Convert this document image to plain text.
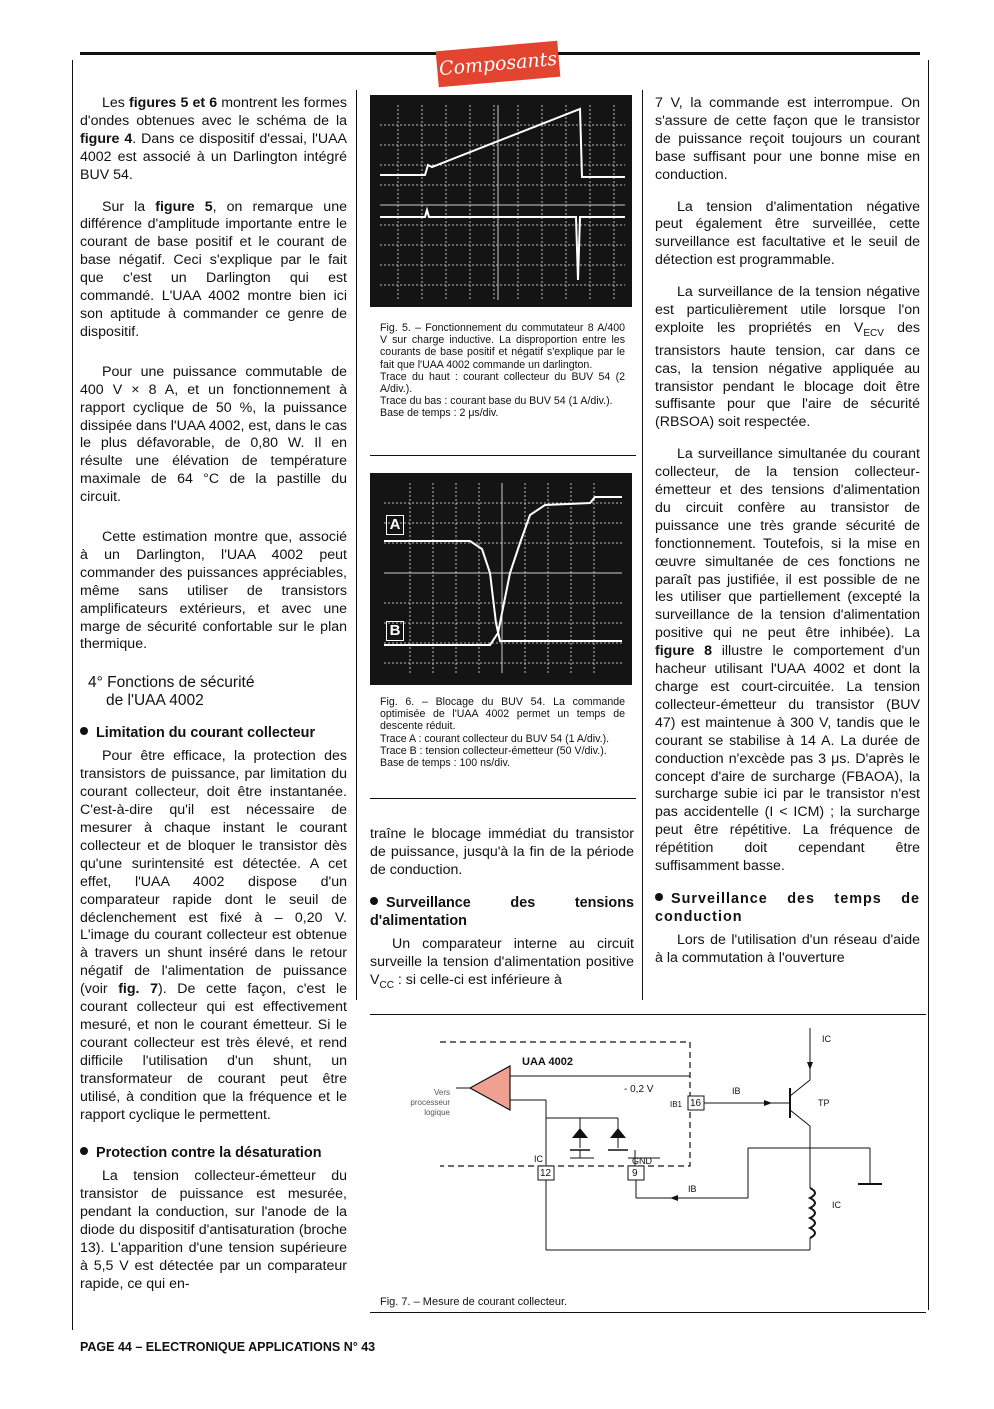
Composants

Les figures 5 et 6 montrent les formes d'ondes obtenues avec le schéma de la figure 4. Dans ce dispositif d'essai, l'UAA 4002 est associé à un Darlington intégré BUV 54.

Sur la figure 5, on remarque une différence d'amplitude importante entre le courant de base positif et le courant de base négatif. Ceci s'explique par le fait que c'est un Darlington qui est commandé. L'UAA 4002 montre bien ici son aptitude à commander ce genre de dispositif.

Pour une puissance commutable de 400 V × 8 A, et un fonctionnement à rapport cyclique de 50 %, la puissance dissipée dans l'UAA 4002, est, dans le cas le plus défavorable, de 0,80 W. Il en résulte une élévation de température maximale de 64 °C de la pastille du circuit.

Cette estimation montre que, associé à un Darlington, l'UAA 4002 peut commander des puissances appréciables, même sans utiliser de transistors amplificateurs extérieurs, et avec une marge de sécurité confortable sur le plan thermique.

4° Fonctions de sécurité
de l'UAA 4002
Limitation du courant collecteur

Pour être efficace, la protection des transistors de puissance, par limitation du courant collecteur, doit être instantanée. C'est-à-dire qu'il est nécessaire de mesurer à chaque instant le courant collecteur et de bloquer le transistor dès qu'une surintensité est détectée. A cet effet, l'UAA 4002 dispose d'un comparateur rapide dont le seuil de déclenchement est fixé à – 0,20 V. L'image du courant collecteur est obtenue à travers un shunt inséré dans le retour négatif de l'alimentation de puissance (voir fig. 7). De cette façon, c'est le courant collecteur qui est effectivement mesuré, et non le courant émetteur. Si le courant collecteur est très élevé, et rend difficile l'utilisation d'un shunt, un transformateur de courant peut être utilisé, à condition que la fréquence et le rapport cyclique le permettent.

Protection contre la désaturation

La tension collecteur-émetteur du transistor de puissance est mesurée, pendant la conduction, sur l'anode de la diode du dispositif d'antisaturation (broche 13). L'apparition d'une tension supérieure à 5,5 V est détectée par un comparateur rapide, ce qui en-

Fig. 5. – Fonctionnement du commutateur 8 A/400 V sur charge inductive. La disproportion entre les courants de base positif et négatif s'explique par le fait que l'UAA 4002 commande un darlington.
Trace du haut : courant collecteur du BUV 54 (2 A/div.).
Trace du bas : courant base du BUV 54 (1 A/div.).
Base de temps : 2 μs/div.
A
B
Fig. 6. – Blocage du BUV 54. La commande optimisée de l'UAA 4002 permet un temps de descente réduit.
Trace A : courant collecteur du BUV 54 (1 A/div.).
Trace B : tension collecteur-émetteur (50 V/div.).
Base de temps : 100 ns/div.

traîne le blocage immédiat du transistor de puissance, jusqu'à la fin de la période de conduction.

Surveillance des tensions d'alimentation

Un comparateur interne au circuit surveille la tension d'alimentation positive $V_{CC}$ : si celle-ci est inférieure à

7 V, la commande est interrompue. On s'assure de cette façon que le transistor de puissance reçoit toujours un courant base suffisant pour une bonne mise en conduction.

La tension d'alimentation négative peut également être surveillée, cette surveillance est facultative et le seuil de détection est programmable.

La surveillance de la tension négative est particulièrement utile lorsque l'on exploite les propriétés en $V_{ECV}$ des transistors haute tension, car dans ce cas, la tension négative appliquée au transistor pendant le blocage doit être suffisante pour que l'aire de sécurité (RBSOA) soit respectée.

La surveillance simultanée du courant collecteur, de la tension collecteur-émetteur et des tensions d'alimentation du circuit confère au transistor de puissance une très grande sécurité de fonctionnement. Toutefois, si la mise en œuvre simultanée de ces fonctions ne paraît pas justifiée, il est possible de ne les utiliser que partiellement (excepté la surveillance de la tension d'alimentation positive qui ne peut être inhibée). La figure 8 illustre le comportement d'un hacheur utilisant l'UAA 4002 et dont la charge est court-circuitée. La tension collecteur-émetteur du transistor (BUV 47) est maintenue à 300 V, tandis que le courant se stabilise à 14 A. La durée de conduction n'excède pas 3 μs. D'après le concept d'aire de surcharge (FBAOA), la surcharge subie ici par le transistor n'est pas accidentelle (I < ICM) ; la surcharge peut être répétitive. La fréquence de répétition doit cependant être suffisamment basse.

Surveillance des temps de conduction

Lors de l'utilisation d'un réseau d'aide à la commutation à l'ouverture

UAA 4002
Vers
processeur
logique
- 0,2 V
IB1 16
12	9
GND
IC
IB
IB
IC
IC
TP
Fig. 7. – Mesure de courant collecteur.
PAGE 44 – ELECTRONIQUE APPLICATIONS N° 43
